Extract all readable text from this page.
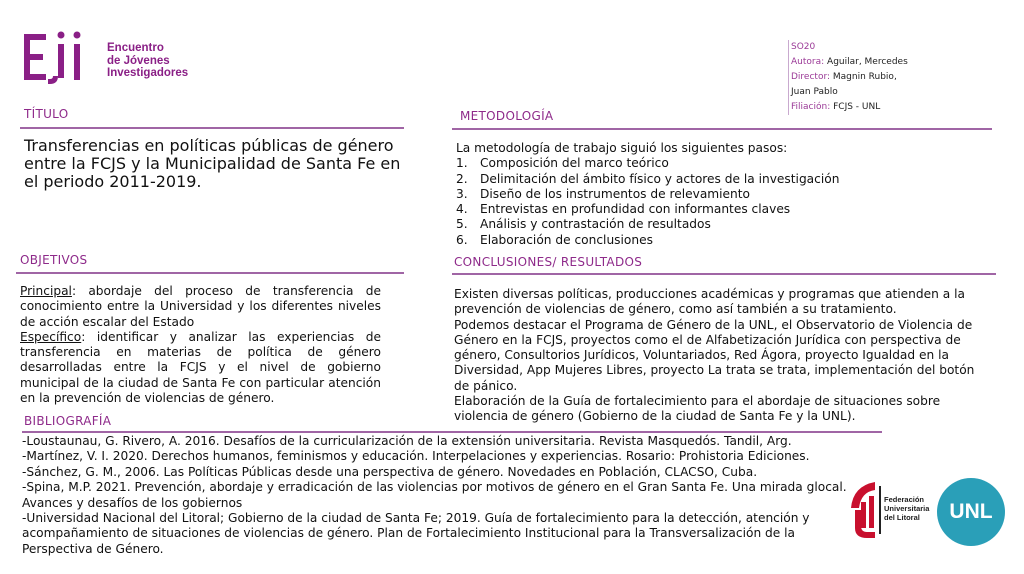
Encuentro
de Jóvenes
Investigadores
SO20
Autora: Aguilar, Mercedes
Director: Magnin Rubio,
Juan Pablo
Filiación: FCJS - UNL
TÍTULO
Transferencias en políticas públicas de género entre la FCJS y la Municipalidad de Santa Fe en el periodo 2011-2019.
METODOLOGÍA
La metodología de trabajo siguió los siguientes pasos:
1. Composición del marco teórico
2. Delimitación del ámbito físico y actores de la investigación
3. Diseño de los instrumentos de relevamiento
4. Entrevistas en profundidad con informantes claves
5. Análisis y contrastación de resultados
6. Elaboración de conclusiones
OBJETIVOS
Principal: abordaje del proceso de transferencia de conocimiento entre la Universidad y los diferentes niveles de acción escalar del Estado
Específico: identificar y analizar las experiencias de transferencia en materias de política de género desarrolladas entre la FCJS y el nivel de gobierno municipal de la ciudad de Santa Fe con particular atención en la prevención de violencias de género.
CONCLUSIONES/ RESULTADOS
Existen diversas políticas, producciones académicas y programas que atienden a la prevención de violencias de género, como así también a su tratamiento.
Podemos destacar el Programa de Género de la UNL, el Observatorio de Violencia de Género en la FCJS, proyectos como el de Alfabetización Jurídica con perspectiva de género, Consultorios Jurídicos, Voluntariados, Red Ágora, proyecto Igualdad en la Diversidad, App Mujeres Libres, proyecto La trata se trata, implementación del botón de pánico.
Elaboración de la Guía de fortalecimiento para el abordaje de situaciones sobre violencia de género (Gobierno de la ciudad de Santa Fe y la UNL).
BIBLIOGRAFÍA

-Loustaunau, G. Rivero, A. 2016. Desafíos de la curricularización de la extensión universitaria. Revista Masquedós. Tandil, Arg.

-Martínez, V. I. 2020. Derechos humanos, feminismos y educación. Interpelaciones y experiencias. Rosario: Prohistoria Ediciones.

-Sánchez, G. M., 2006. Las Políticas Públicas desde una perspectiva de género. Novedades en Población, CLACSO, Cuba.

-Spina, M.P. 2021. Prevención, abordaje y erradicación de las violencias por motivos de género en el Gran Santa Fe. Una mirada glocal. Avances y desafíos de los gobiernos

-Universidad Nacional del Litoral; Gobierno de la ciudad de Santa Fe; 2019. Guía de fortalecimiento para la detección, atención y acompañamiento de situaciones de violencias de género. Plan de Fortalecimiento Institucional para la Transversalización de la Perspectiva de Género.

Federación
Universitaria
del Litoral UNL
